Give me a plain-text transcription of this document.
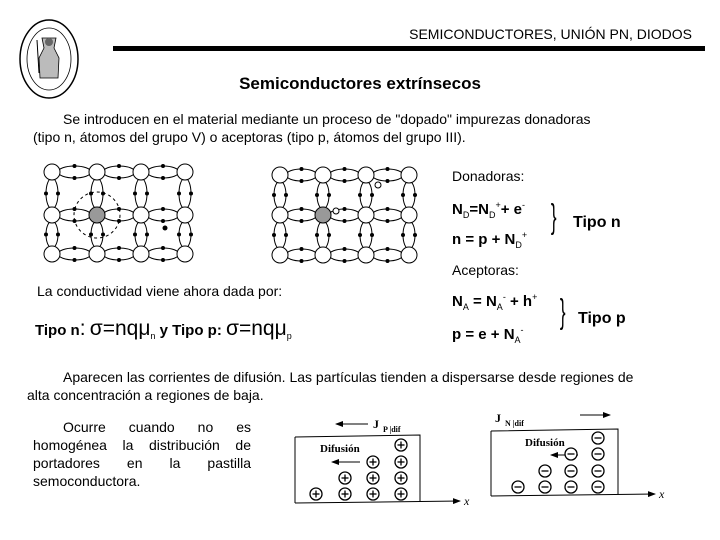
SEMICONDUCTORES, UNIÓN PN, DIODOS
Semiconductores extrínsecos
Se introducen en el material mediante un proceso de "dopado" impurezas donadoras
(tipo n, átomos del grupo V) o aceptoras (tipo p, átomos del grupo III).
Donadoras:
$N_D=N_D^++ e^-$
$n = p + N_D^+$ } Tipo n
Aceptoras:
$N_A = N_A^- + h^+$
$p = e + N_A^-$ } Tipo p
La conductividad viene ahora dada por:
Tipo n: σ=nqμ$_n$ y Tipo p: σ=nqμ$_p$
Aparecen las corrientes de difusión. Las partículas tienden a dispersarse desde regiones de alta concentración a regiones de baja.
Ocurre cuando no es homogénea la distribución de portadores en la pastilla semoconductora.
J P |dif
x
Difusión
J N |dif
x
Difusión
